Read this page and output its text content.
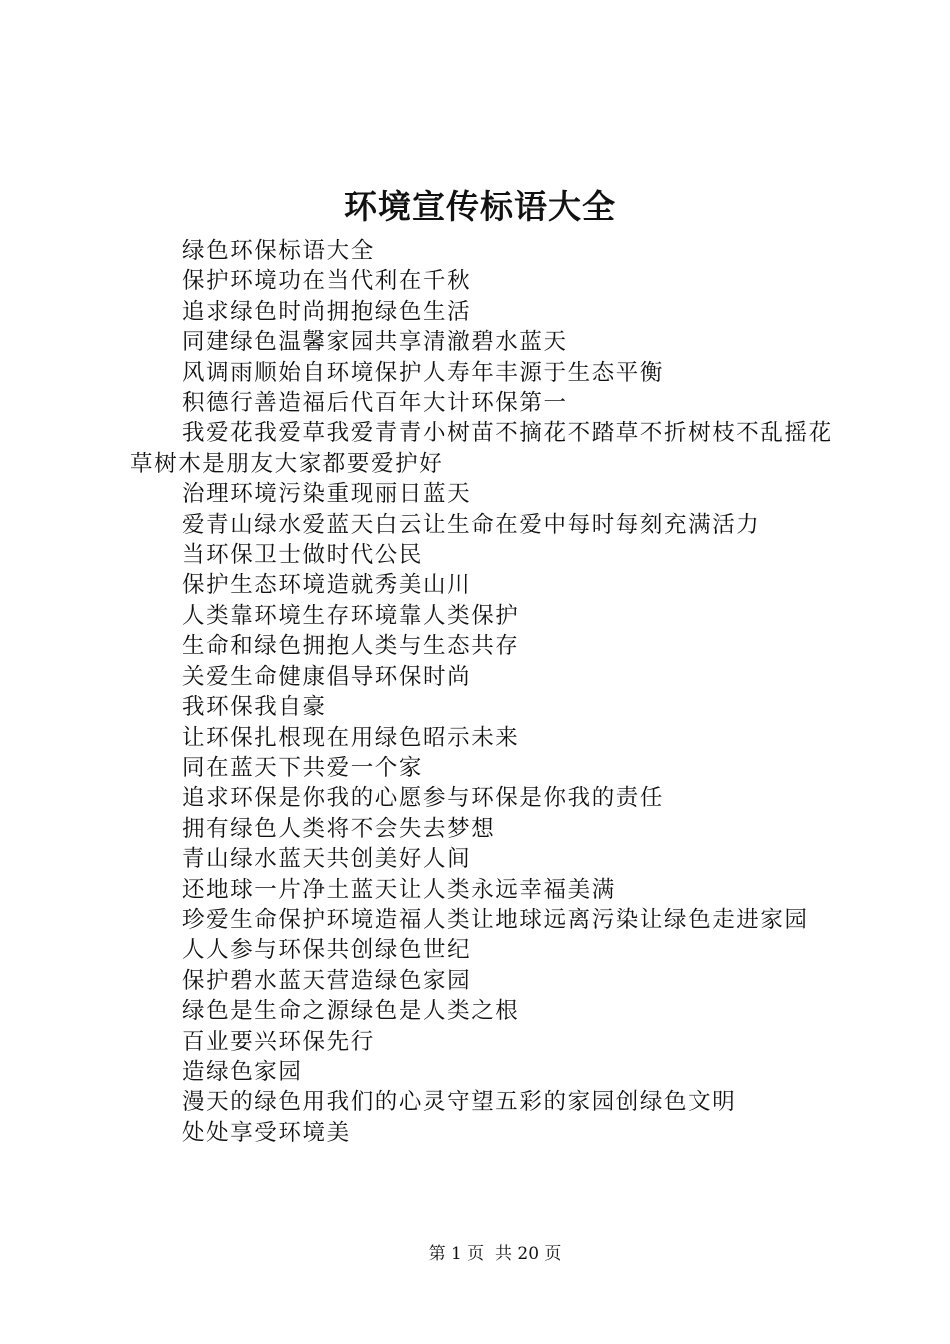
环境宣传标语大全

绿色环保标语大全

保护环境功在当代利在千秋

追求绿色时尚拥抱绿色生活

同建绿色温馨家园共享清澈碧水蓝天

风调雨顺始自环境保护人寿年丰源于生态平衡

积德行善造福后代百年大计环保第一

我爱花我爱草我爱青青小树苗不摘花不踏草不折树枝不乱摇花草树木是朋友大家都要爱护好

治理环境污染重现丽日蓝天

爱青山绿水爱蓝天白云让生命在爱中每时每刻充满活力

当环保卫士做时代公民

保护生态环境造就秀美山川

人类靠环境生存环境靠人类保护

生命和绿色拥抱人类与生态共存

关爱生命健康倡导环保时尚

我环保我自豪

让环保扎根现在用绿色昭示未来

同在蓝天下共爱一个家

追求环保是你我的心愿参与环保是你我的责任

拥有绿色人类将不会失去梦想

青山绿水蓝天共创美好人间

还地球一片净土蓝天让人类永远幸福美满

珍爱生命保护环境造福人类让地球远离污染让绿色走进家园

人人参与环保共创绿色世纪

保护碧水蓝天营造绿色家园

绿色是生命之源绿色是人类之根

百业要兴环保先行

造绿色家园

漫天的绿色用我们的心灵守望五彩的家园创绿色文明

处处享受环境美

第 1 页  共 20 页
